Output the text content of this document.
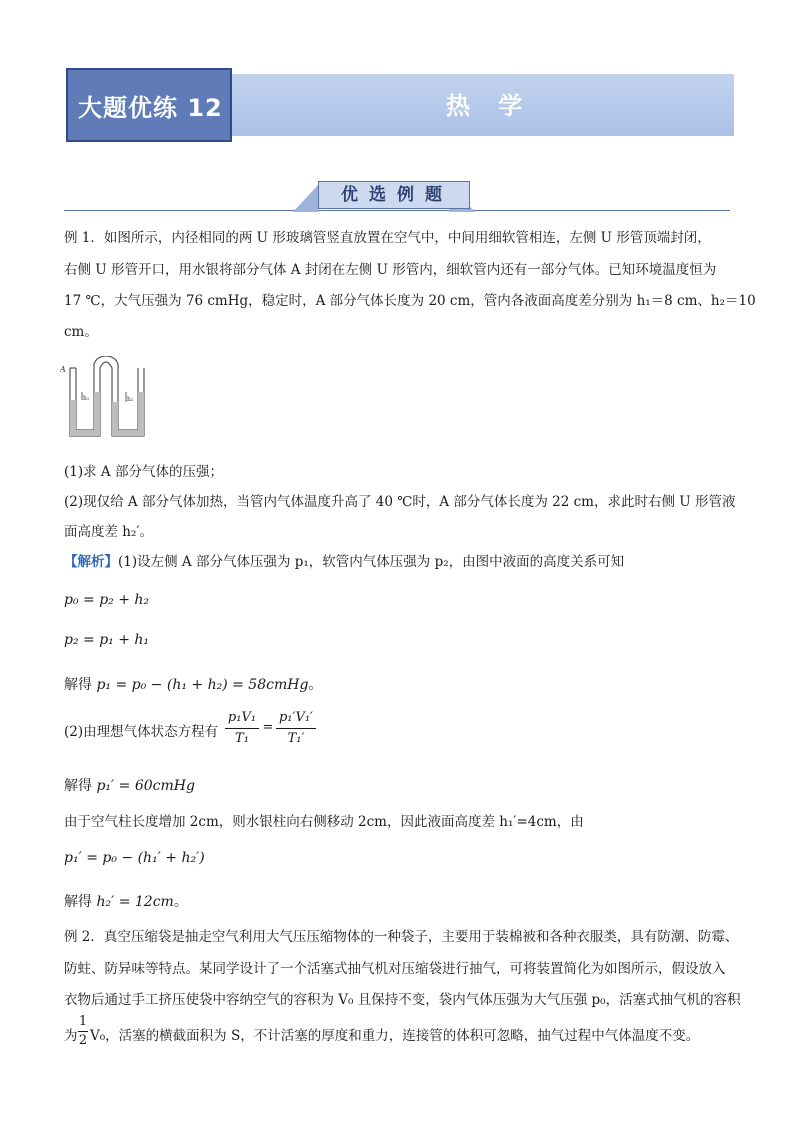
大题优练 12	热 学
优选例题
例 1．如图所示，内径相同的两 U 形玻璃管竖直放置在空气中，中间用细软管相连，左侧 U 形管顶端封闭，
右侧 U 形管开口，用水银将部分气体 A 封闭在左侧 U 形管内，细软管内还有一部分气体。已知环境温度恒为
17 ℃，大气压强为 76 cmHg，稳定时，A 部分气体长度为 20 cm，管内各液面高度差分别为 h₁＝8 cm、h₂＝10
cm。
A
h₁	h₂
(1)求 A 部分气体的压强；
(2)现仅给 A 部分气体加热，当管内气体温度升高了 40 ℃时，A 部分气体长度为 22 cm，求此时右侧 U 形管液
面高度差 h₂′。
【解析】(1)设左侧 A 部分气体压强为 p₁，软管内气体压强为 p₂，由图中液面的高度关系可知
p₀ = p₂ + h₂
p₂ = p₁ + h₁
解得 p₁ = p₀ − (h₁ + h₂) = 58cmHg。
(2)由理想气体状态方程有
p₁V₁
T₁
=
p₁′V₁′
T₁′
解得 p₁′ = 60cmHg
由于空气柱长度增加 2cm，则水银柱向右侧移动 2cm，因此液面高度差 h₁′=4cm，由
p₁′ = p₀ − (h₁′ + h₂′)
解得 h₂′ = 12cm。
例 2．真空压缩袋是抽走空气利用大气压压缩物体的一种袋子，主要用于装棉被和各种衣服类，具有防潮、防霉、
防蛀、防异味等特点。某同学设计了一个活塞式抽气机对压缩袋进行抽气，可将装置简化为如图所示，假设放入
衣物后通过手工挤压使袋中容纳空气的容积为 V₀ 且保持不变，袋内气体压强为大气压强 p₀，活塞式抽气机的容积
为
1
2 V₀，活塞的横截面积为 S，不计活塞的厚度和重力，连接管的体积可忽略，抽气过程中气体温度不变。
